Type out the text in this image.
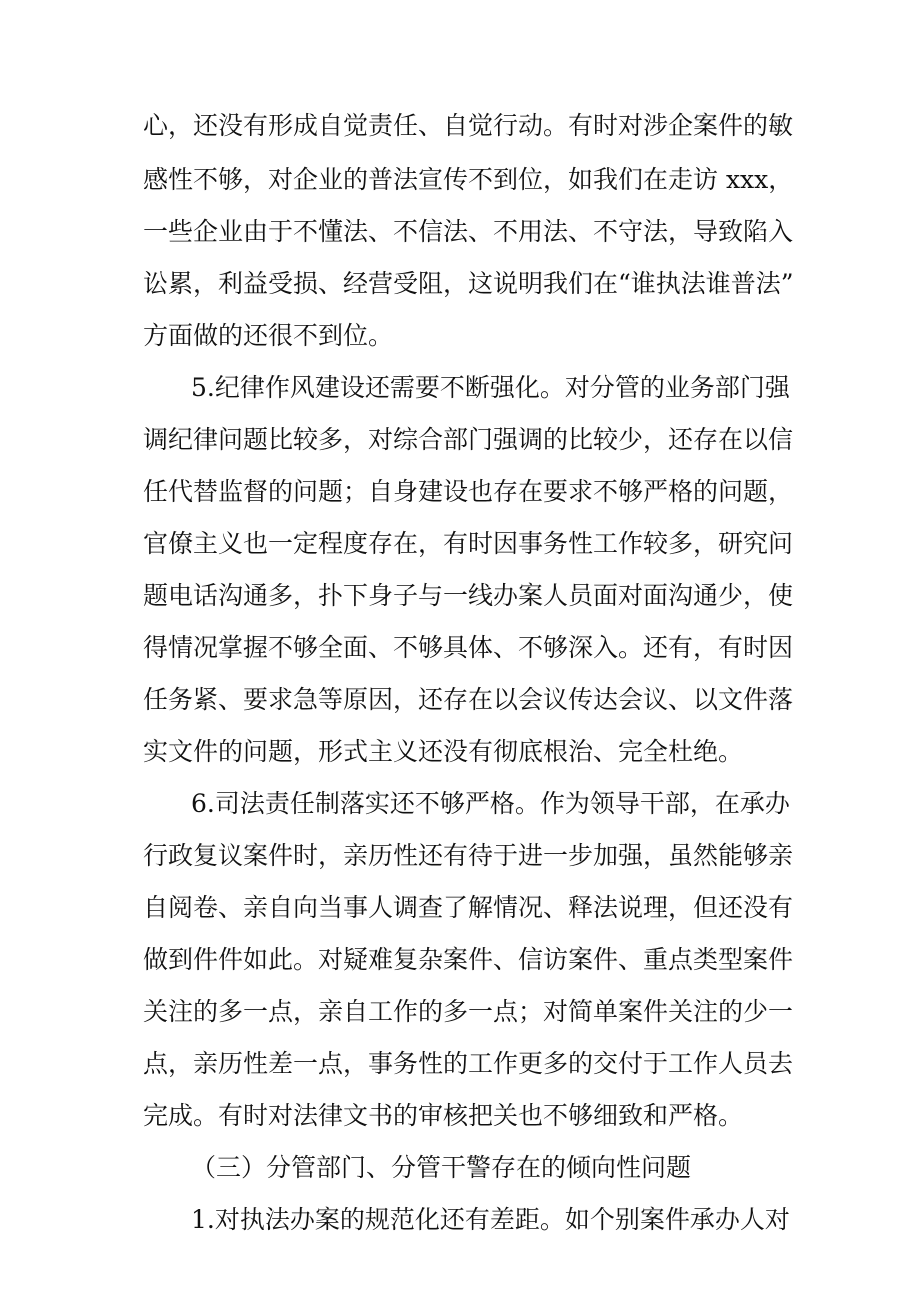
心，还没有形成自觉责任、自觉行动。有时对涉企案件的敏
感性不够，对企业的普法宣传不到位，如我们在走访 xxx，
一些企业由于不懂法、不信法、不用法、不守法，导致陷入
讼累，利益受损、经营受阻，这说明我们在“谁执法谁普法”
方面做的还很不到位。
5.纪律作风建设还需要不断强化。对分管的业务部门强
调纪律问题比较多，对综合部门强调的比较少，还存在以信
任代替监督的问题；自身建设也存在要求不够严格的问题，
官僚主义也一定程度存在，有时因事务性工作较多，研究问
题电话沟通多，扑下身子与一线办案人员面对面沟通少，使
得情况掌握不够全面、不够具体、不够深入。还有，有时因
任务紧、要求急等原因，还存在以会议传达会议、以文件落
实文件的问题，形式主义还没有彻底根治、完全杜绝。
6.司法责任制落实还不够严格。作为领导干部，在承办
行政复议案件时，亲历性还有待于进一步加强，虽然能够亲
自阅卷、亲自向当事人调查了解情况、释法说理，但还没有
做到件件如此。对疑难复杂案件、信访案件、重点类型案件
关注的多一点，亲自工作的多一点；对简单案件关注的少一
点，亲历性差一点，事务性的工作更多的交付于工作人员去
完成。有时对法律文书的审核把关也不够细致和严格。
（三）分管部门、分管干警存在的倾向性问题
1.对执法办案的规范化还有差距。如个别案件承办人对
